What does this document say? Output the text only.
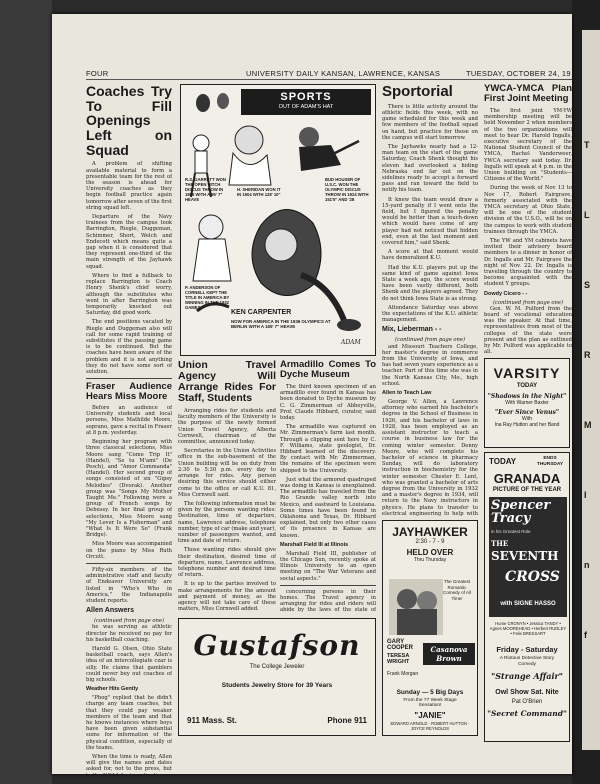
FOUR	UNIVERSITY DAILY KANSAN, LAWRENCE, KANSAS	TUESDAY, OCTOBER 24, 19
Coaches Try To Fill Openings Left on Squad

A problem of shifting available material to form a presentable team for the rest of the season is ahead for University coaches as they begin football practice again tomorrow after seven of the first string squad left.

Departure of the Navy trainees from the campus took Barrington, Riegle, Duggeman, Schimmer, Short, Welch and Endecott which means quite a gap when it is considered that they represent one-third of the main strength of the Jayhawk squad.

Where to find a fullback to replace Barrington is Coach Henry Shenk's chief worry, although the substitutes who went in after Barrington was temporarily knocked out Saturday, did good work.

The end positions vacated by Riegle and Duggeman also will call for some rapid training of substitutes if the passing game is to be continued. But the coaches have been aware of the problem and it is not anything they do not have some sort of solution.

Fraser Audience Hears Miss Moore

Before an audience of University students and local persons, Miss Mathilde Moore, soprano, gave a recital in Fraser at 8 p.m. yesterday.

Beginning her program with three classical selections, Miss Moore sang "Come Trip It" (Handel), "Se tu M'ami" (De Pesch), and "Amor Commanda" (Handel). Her second group of songs consisted of six "Gipsy Melodies" (Dvorak). Another group was "Songs My Mother Taught Me." Following were a group of French songs by Debussy. In her final group of selections, Miss Moore sang "My Lover Is a Fisherman" and "What Is It Were So" (Frank Bridge).

Miss Moore was accompanied on the piano by Miss Ruth Orcutt.

Fifty-six members of the administrative staff and faculty of Endeavor University are listed in "Who's Who in America," the Indianapolis student reports.

Allen Answers
(continued from page one)

he was serving as athletic director he received no pay for his basketball coaching.

Harold G. Olsen, Ohio State basketball coach, says Allen's idea of an intercollegiate czar is silly. He claims that gamblers could never buy out coaches of big schools.

Weather Hits Gently

"Phog" replied that he didn't charge any team coaches, but that they could pay weaker members of the team and that he knows instances where boys have been given substantial sums for information of the physical condition, especially of the teams.

When the time is ready, Allen will give the names and dates asked for, not to the press, but

SPORTS
OUT OF ADAM'S HAT
R.S. GARRETT WON THE OPEN HITCH DISCUS THROW IN 1896 WITH A 95' 7" HEAVE
H. SHERIDAN WON IT IN 1904 WITH 128' 10"
BUD HOUSER OF U.S.C. WON THE OLYMPIC DISCUS THROW IN 1924 WITH 151'5" AND '28
P. ANDERSON OF CORNELL KEPT THE TITLE IN AMERICA BY WINNING IN THE 1932 GAMES
KEN CARPENTER
NOW FOR AMERICA IN THE 1936 OLYMPICS AT BERLIN WITH A 165' 7" HEAVE
ADAM
Union Travel Agency Will Arrange Rides For Staff, Students

Arranging rides for students and faculty members of the University is the purpose of the newly formed Union Travel Agency, Alberta Cornwell, chairman of the committee, announced today.

Secretaries in the Union Activities office in the sub-basement of the Union building will be on duty from 2:30 to 5:30 p.m. every day to arrange for rides. Any person desiring this service should either come to the office or call K.U. 81, Miss Cornwell said.

The following information must be given by the persons wanting rides: Destination, time of departure, name, Lawrence address, telephone number, type of car (make and year), number of passengers wanted, and time and date of return.

Those wanting rides should give their destination, desired time of departure, name, Lawrence address, telephone number and desired time of return.

It is up to the parties involved to make arrangements for the amount and payment of money, as the agency will not take care of these matters, Miss Cornwell added.

Armadillo Comes To Dyche Museum

The third known specimen of an armadillo ever found in Kansas has been donated to Dyche museum by C. G. Zimmerman of Abbeyville, Prof. Claude Hibbard, curator, said today.

The armadillo was captured on Mr. Zimmerman's farm last month. Through a clipping sent here by C. F. Williams, state geologist, Dr. Hibbard learned of the discovery. By contact with Mr. Zimmerman, the remains of the specimen were shipped to the University.

Just what the armored quadruped was doing in Kansas is unexplained. The armadillo has traveled from the Rio Grande valley north into Mexico, and eastward to Louisiana. Some times have been found in Oklahoma and Texas, Dr. Hibbard explained, but only two other cases of its presence in Kansas are known.

Marshall Field III at Illinois

Marshall Field III, publisher of the Chicago Sun, recently spoke at Illinois University to an open meeting on "The War Veterans and social aspects."

concerning persons in their homes. The Travel agency in arranging for rides and riders will abide by the laws of the state of

Gustafson
The College Jeweler
Students Jewelry Store for 39 Years
911 Mass. St.	Phone 911
Sportorial

There is little activity around the athletic fields this week, with no game scheduled for this week and few members of the football squad on hand, but practice for those on the campus will start tomorrow.

The Jayhawks nearly had a 12-man team on the start of the game Saturday, Coach Shenk thought his eleven had overlooked a hiding Nebraska end far out on the sidelines ready to accept a forward pass and ran toward the field to notify his team.

It knew the team would draw a 15-yard penalty if I went onto the field, but I figured the penalty would be better than a touch-down which would have come of any player had not noticed that hidden end, even at the last moment and covered him," said Shenk.

A score at that moment would have demoralized K.U.

Had the K.U. players put up the same kind of game against Iowa State a week ago, the score would have been vastly different, both Shenk and the players agreed. They do not think Iowa State is as strong.

Attendance Saturday was above the expectations of the K.U. athletic management.

Mix, Lieberman - -
(continued from page one)

and Missouri Teachers College, her master's degree in commerce from the University of Iowa, and has had seven years experience as a teacher. Part of this time she was in the North Kansas City, Mo., high school.

Allen to Teach Law

George V. Allen, a Lawrence attorney who earned his bachelor's degree in the School of Business in 1926, and his bachelor of laws in 1928, has been employed as an assistant instructor to teach a course in business law for the coming winter semester. Denny Moore, who will complete his bachelor of science in pharmacy Sunday, will do laboratory instruction in biochemistry for the winter semester. Chester E. Lent, who was granted a bachelor of arts degree from the University in 1932 and a master's degree in 1934, will return to the Navy instructors in physics. He plans to transfer to electrical engineering to help with

JAYHAWKER
2:30 - 7 - 9
HELD OVER
Thru Thursday
The Greatest Romantic Comedy of All Time!
GARY COOPER
TERESA WRIGHT
Casanova Brown
Frank Morgan
Sunday — 5 Big Days
From the 77 Week Stage Sensation!
"JANIE"
EDWARD ARNOLD · ROBERT HUTTON · JOYCE REYNOLDS
YWCA-YMCA Plan First Joint Meeting

The first joint YM-YW membership meeting will be held November 2 when members of the two organizations will meet to hear Dr. Harold Ingalls, executive secretary of the National Student Council of the YMCA, Rachel Vanderweer, YWCA secretary said today. Dr. Ingalls will speak at 4 p.m. in the Union building on "Students—Citizens of the World."

During the week of Nov 13 to Nov 17, Robert Fairgrave, formerly associated with the YMCA secretary at Ohio State, will be one of the student division of the U.S.O., will be on the campus to work with student trainees through the YMCA.

The YW and YM cabinets have invited their advisory board members to a dinner in honor of Dr. Ingalls and Mr. Fairgrave the night of Nov. 22. Dr. Ingalls is traveling through the country to become acquainted with the student Y groups.

Dowdy Cicero - -
(continued from page one)

Gen. W. M. Pulford from the board of vocational education was the speaker. At that time, representatives from most of the colleges of the state were present and the plan as outlined by Mr. Pulford was applicable to all.

VARSITY
TODAY
"Shadows in the Night"
With Warner Baxter
"Ever Since Venus"
With
Ina Ray Hutton and her Band
TODAY	ENDS THURSDAY
GRANADA
PICTURE OF THE YEAR
Spencer Tracy
in his Greatest Role
THE
SEVENTH
CROSS
with SIGNE HASSO
Hume CRONYN • Jessica TANDY • Agnes MOOREHEAD • Herbert RUDLEY • Felix BRESSART
Friday - Saturday
A Riotous Detective Story Comedy
"Strange Affair"
Owl Show Sat. Nite
Pat O'Brien
"Secret Command"
T
L
S
R
M
I
n
f
